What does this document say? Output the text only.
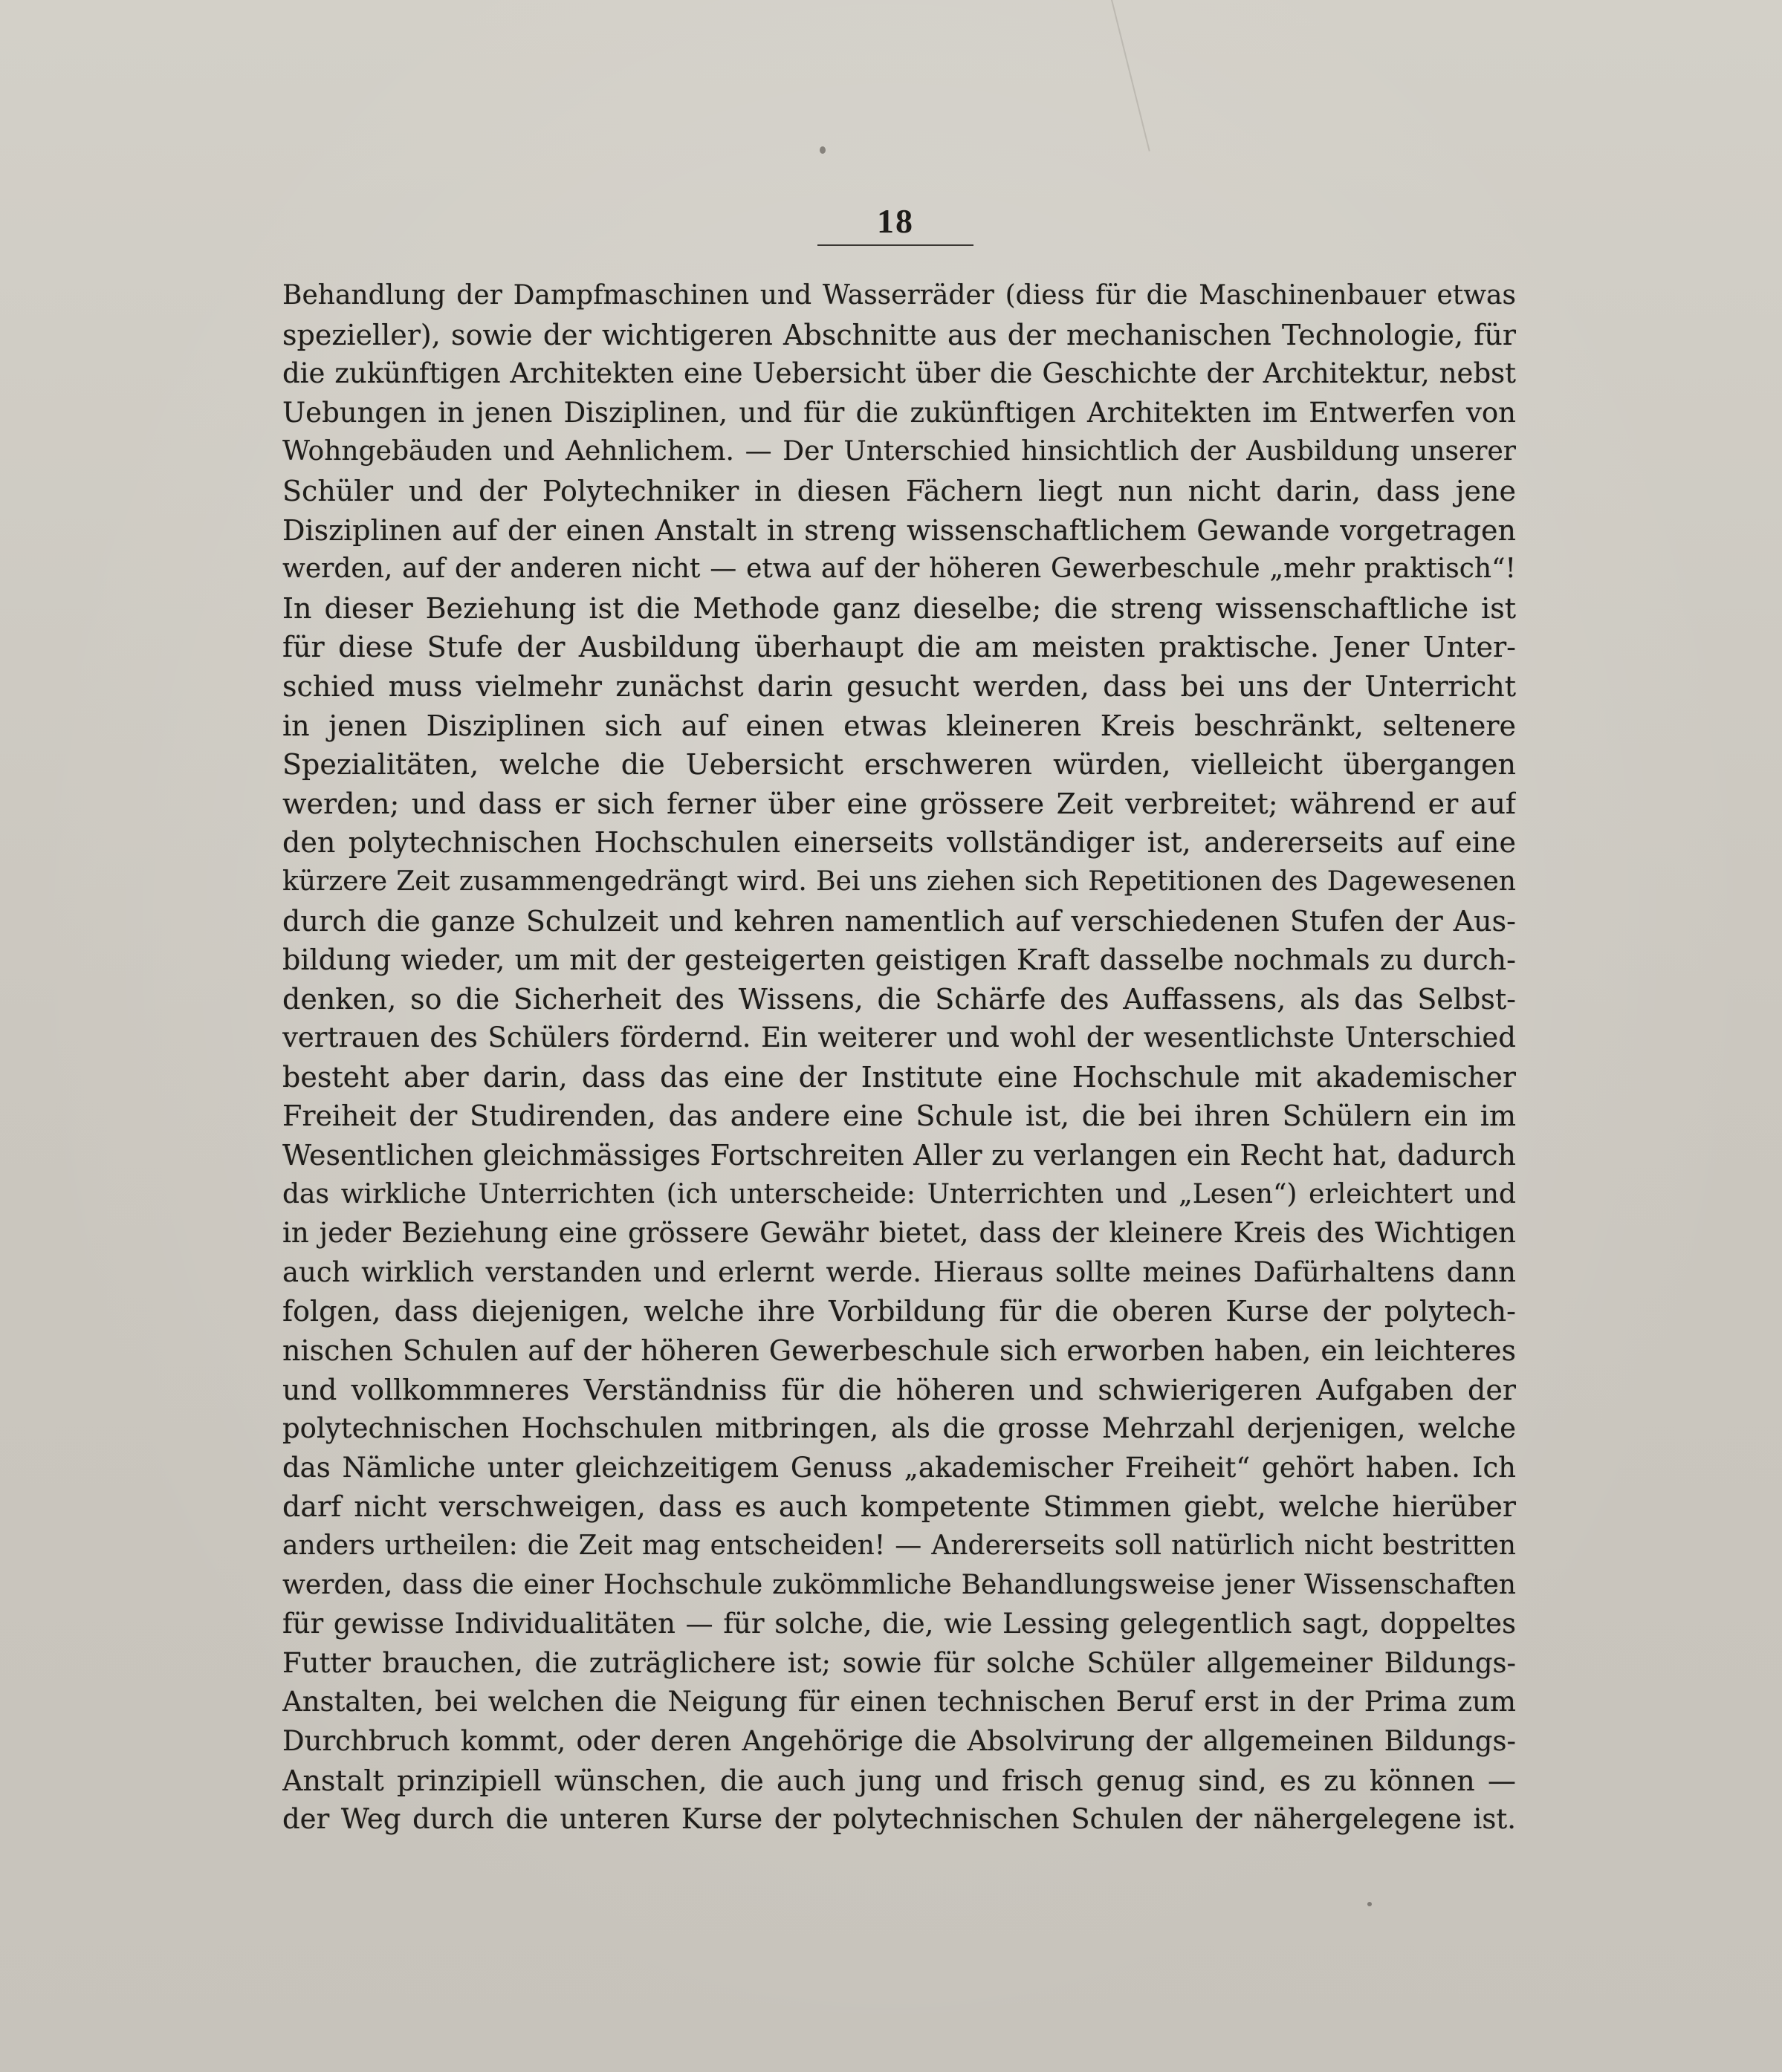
18
Behandlung der Dampfmaschinen und Wasserräder (diess für die Maschinenbauer etwas
spezieller), sowie der wichtigeren Abschnitte aus der mechanischen Technologie, für
die zukünftigen Architekten eine Uebersicht über die Geschichte der Architektur, nebst
Uebungen in jenen Disziplinen, und für die zukünftigen Architekten im Entwerfen von
Wohngebäuden und Aehnlichem. — Der Unterschied hinsichtlich der Ausbildung unserer
Schüler und der Polytechniker in diesen Fächern liegt nun nicht darin, dass jene
Disziplinen auf der einen Anstalt in streng wissenschaftlichem Gewande vorgetragen
werden, auf der anderen nicht — etwa auf der höheren Gewerbeschule „mehr praktisch“!
In dieser Beziehung ist die Methode ganz dieselbe; die streng wissenschaftliche ist
für diese Stufe der Ausbildung überhaupt die am meisten praktische. Jener Unter-
schied muss vielmehr zunächst darin gesucht werden, dass bei uns der Unterricht
in jenen Disziplinen sich auf einen etwas kleineren Kreis beschränkt, seltenere
Spezialitäten, welche die Uebersicht erschweren würden, vielleicht übergangen
werden; und dass er sich ferner über eine grössere Zeit verbreitet; während er auf
den polytechnischen Hochschulen einerseits vollständiger ist, andererseits auf eine
kürzere Zeit zusammengedrängt wird. Bei uns ziehen sich Repetitionen des Dagewesenen
durch die ganze Schulzeit und kehren namentlich auf verschiedenen Stufen der Aus-
bildung wieder, um mit der gesteigerten geistigen Kraft dasselbe nochmals zu durch-
denken, so die Sicherheit des Wissens, die Schärfe des Auffassens, als das Selbst-
vertrauen des Schülers fördernd. Ein weiterer und wohl der wesentlichste Unterschied
besteht aber darin, dass das eine der Institute eine Hochschule mit akademischer
Freiheit der Studirenden, das andere eine Schule ist, die bei ihren Schülern ein im
Wesentlichen gleichmässiges Fortschreiten Aller zu verlangen ein Recht hat, dadurch
das wirkliche Unterrichten (ich unterscheide: Unterrichten und „Lesen“) erleichtert und
in jeder Beziehung eine grössere Gewähr bietet, dass der kleinere Kreis des Wichtigen
auch wirklich verstanden und erlernt werde. Hieraus sollte meines Dafürhaltens dann
folgen, dass diejenigen, welche ihre Vorbildung für die oberen Kurse der polytech-
nischen Schulen auf der höheren Gewerbeschule sich erworben haben, ein leichteres
und vollkommneres Verständniss für die höheren und schwierigeren Aufgaben der
polytechnischen Hochschulen mitbringen, als die grosse Mehrzahl derjenigen, welche
das Nämliche unter gleichzeitigem Genuss „akademischer Freiheit“ gehört haben. Ich
darf nicht verschweigen, dass es auch kompetente Stimmen giebt, welche hierüber
anders urtheilen: die Zeit mag entscheiden! — Andererseits soll natürlich nicht bestritten
werden, dass die einer Hochschule zukömmliche Behandlungsweise jener Wissenschaften
für gewisse Individualitäten — für solche, die, wie Lessing gelegentlich sagt, doppeltes
Futter brauchen, die zuträglichere ist; sowie für solche Schüler allgemeiner Bildungs-
Anstalten, bei welchen die Neigung für einen technischen Beruf erst in der Prima zum
Durchbruch kommt, oder deren Angehörige die Absolvirung der allgemeinen Bildungs-
Anstalt prinzipiell wünschen, die auch jung und frisch genug sind, es zu können —
der Weg durch die unteren Kurse der polytechnischen Schulen der nähergelegene ist.
